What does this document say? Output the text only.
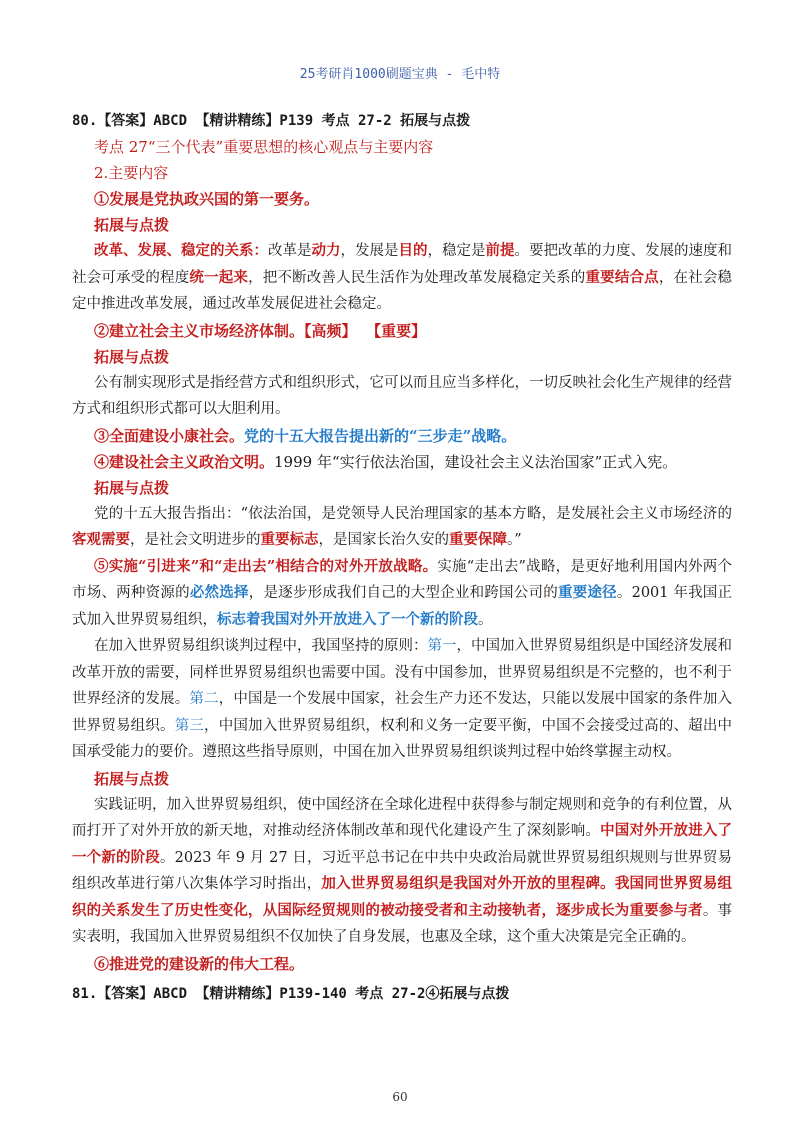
25考研肖1000刷题宝典 - 毛中特
80.【答案】ABCD 【精讲精练】P139 考点 27-2 拓展与点拨
考点 27“三个代表”重要思想的核心观点与主要内容
2.主要内容
①发展是党执政兴国的第一要务。
拓展与点拨

改革、发展、稳定的关系：改革是动力，发展是目的，稳定是前提。要把改革的力度、发展的速度和社会可承受的程度统一起来，把不断改善人民生活作为处理改革发展稳定关系的重要结合点，在社会稳定中推进改革发展，通过改革发展促进社会稳定。

②建立社会主义市场经济体制。【高频】 【重要】
拓展与点拨

公有制实现形式是指经营方式和组织形式，它可以而且应当多样化，一切反映社会化生产规律的经营方式和组织形式都可以大胆利用。

③全面建设小康社会。党的十五大报告提出新的“三步走”战略。
④建设社会主义政治文明。1999 年“实行依法治国，建设社会主义法治国家”正式入宪。
拓展与点拨

党的十五大报告指出：“依法治国，是党领导人民治理国家的基本方略，是发展社会主义市场经济的客观需要，是社会文明进步的重要标志，是国家长治久安的重要保障。”

⑤实施“引进来”和“走出去”相结合的对外开放战略。实施“走出去”战略，是更好地利用国内外两个市场、两种资源的必然选择，是逐步形成我们自己的大型企业和跨国公司的重要途径。2001 年我国正式加入世界贸易组织，标志着我国对外开放进入了一个新的阶段。

在加入世界贸易组织谈判过程中，我国坚持的原则：第一，中国加入世界贸易组织是中国经济发展和改革开放的需要，同样世界贸易组织也需要中国。没有中国参加，世界贸易组织是不完整的，也不利于世界经济的发展。第二，中国是一个发展中国家，社会生产力还不发达，只能以发展中国家的条件加入世界贸易组织。第三，中国加入世界贸易组织，权利和义务一定要平衡，中国不会接受过高的、超出中国承受能力的要价。遵照这些指导原则，中国在加入世界贸易组织谈判过程中始终掌握主动权。

拓展与点拨

实践证明，加入世界贸易组织，使中国经济在全球化进程中获得参与制定规则和竞争的有利位置，从而打开了对外开放的新天地，对推动经济体制改革和现代化建设产生了深刻影响。中国对外开放进入了一个新的阶段。2023 年 9 月 27 日，习近平总书记在中共中央政治局就世界贸易组织规则与世界贸易组织改革进行第八次集体学习时指出，加入世界贸易组织是我国对外开放的里程碑。我国同世界贸易组织的关系发生了历史性变化，从国际经贸规则的被动接受者和主动接轨者，逐步成长为重要参与者。事实表明，我国加入世界贸易组织不仅加快了自身发展，也惠及全球，这个重大决策是完全正确的。

⑥推进党的建设新的伟大工程。
81.【答案】ABCD 【精讲精练】P139-140 考点 27-2④拓展与点拨
60
